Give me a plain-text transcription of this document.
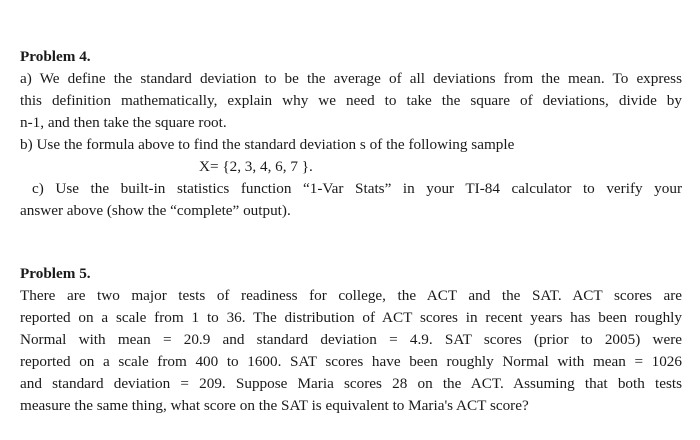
Problem 4.

a) We define the standard deviation to be the average of all deviations from the mean. To express

this definition mathematically, explain why we need to take the square of deviations, divide by

n-1, and then take the square root.

b) Use the formula above to find the standard deviation s of the following sample

X= {2, 3, 4, 6, 7 }.

c) Use the built-in statistics function “1-Var Stats” in your TI-84 calculator to verify your

answer above (show the “complete” output).

Problem 5.

There are two major tests of readiness for college, the ACT and the SAT. ACT scores are

reported on a scale from 1 to 36. The distribution of ACT scores in recent years has been roughly

Normal with mean = 20.9 and standard deviation = 4.9. SAT scores (prior to 2005) were

reported on a scale from 400 to 1600. SAT scores have been roughly Normal with mean = 1026

and standard deviation = 209. Suppose Maria scores 28 on the ACT. Assuming that both tests

measure the same thing, what score on the SAT is equivalent to Maria's ACT score?
